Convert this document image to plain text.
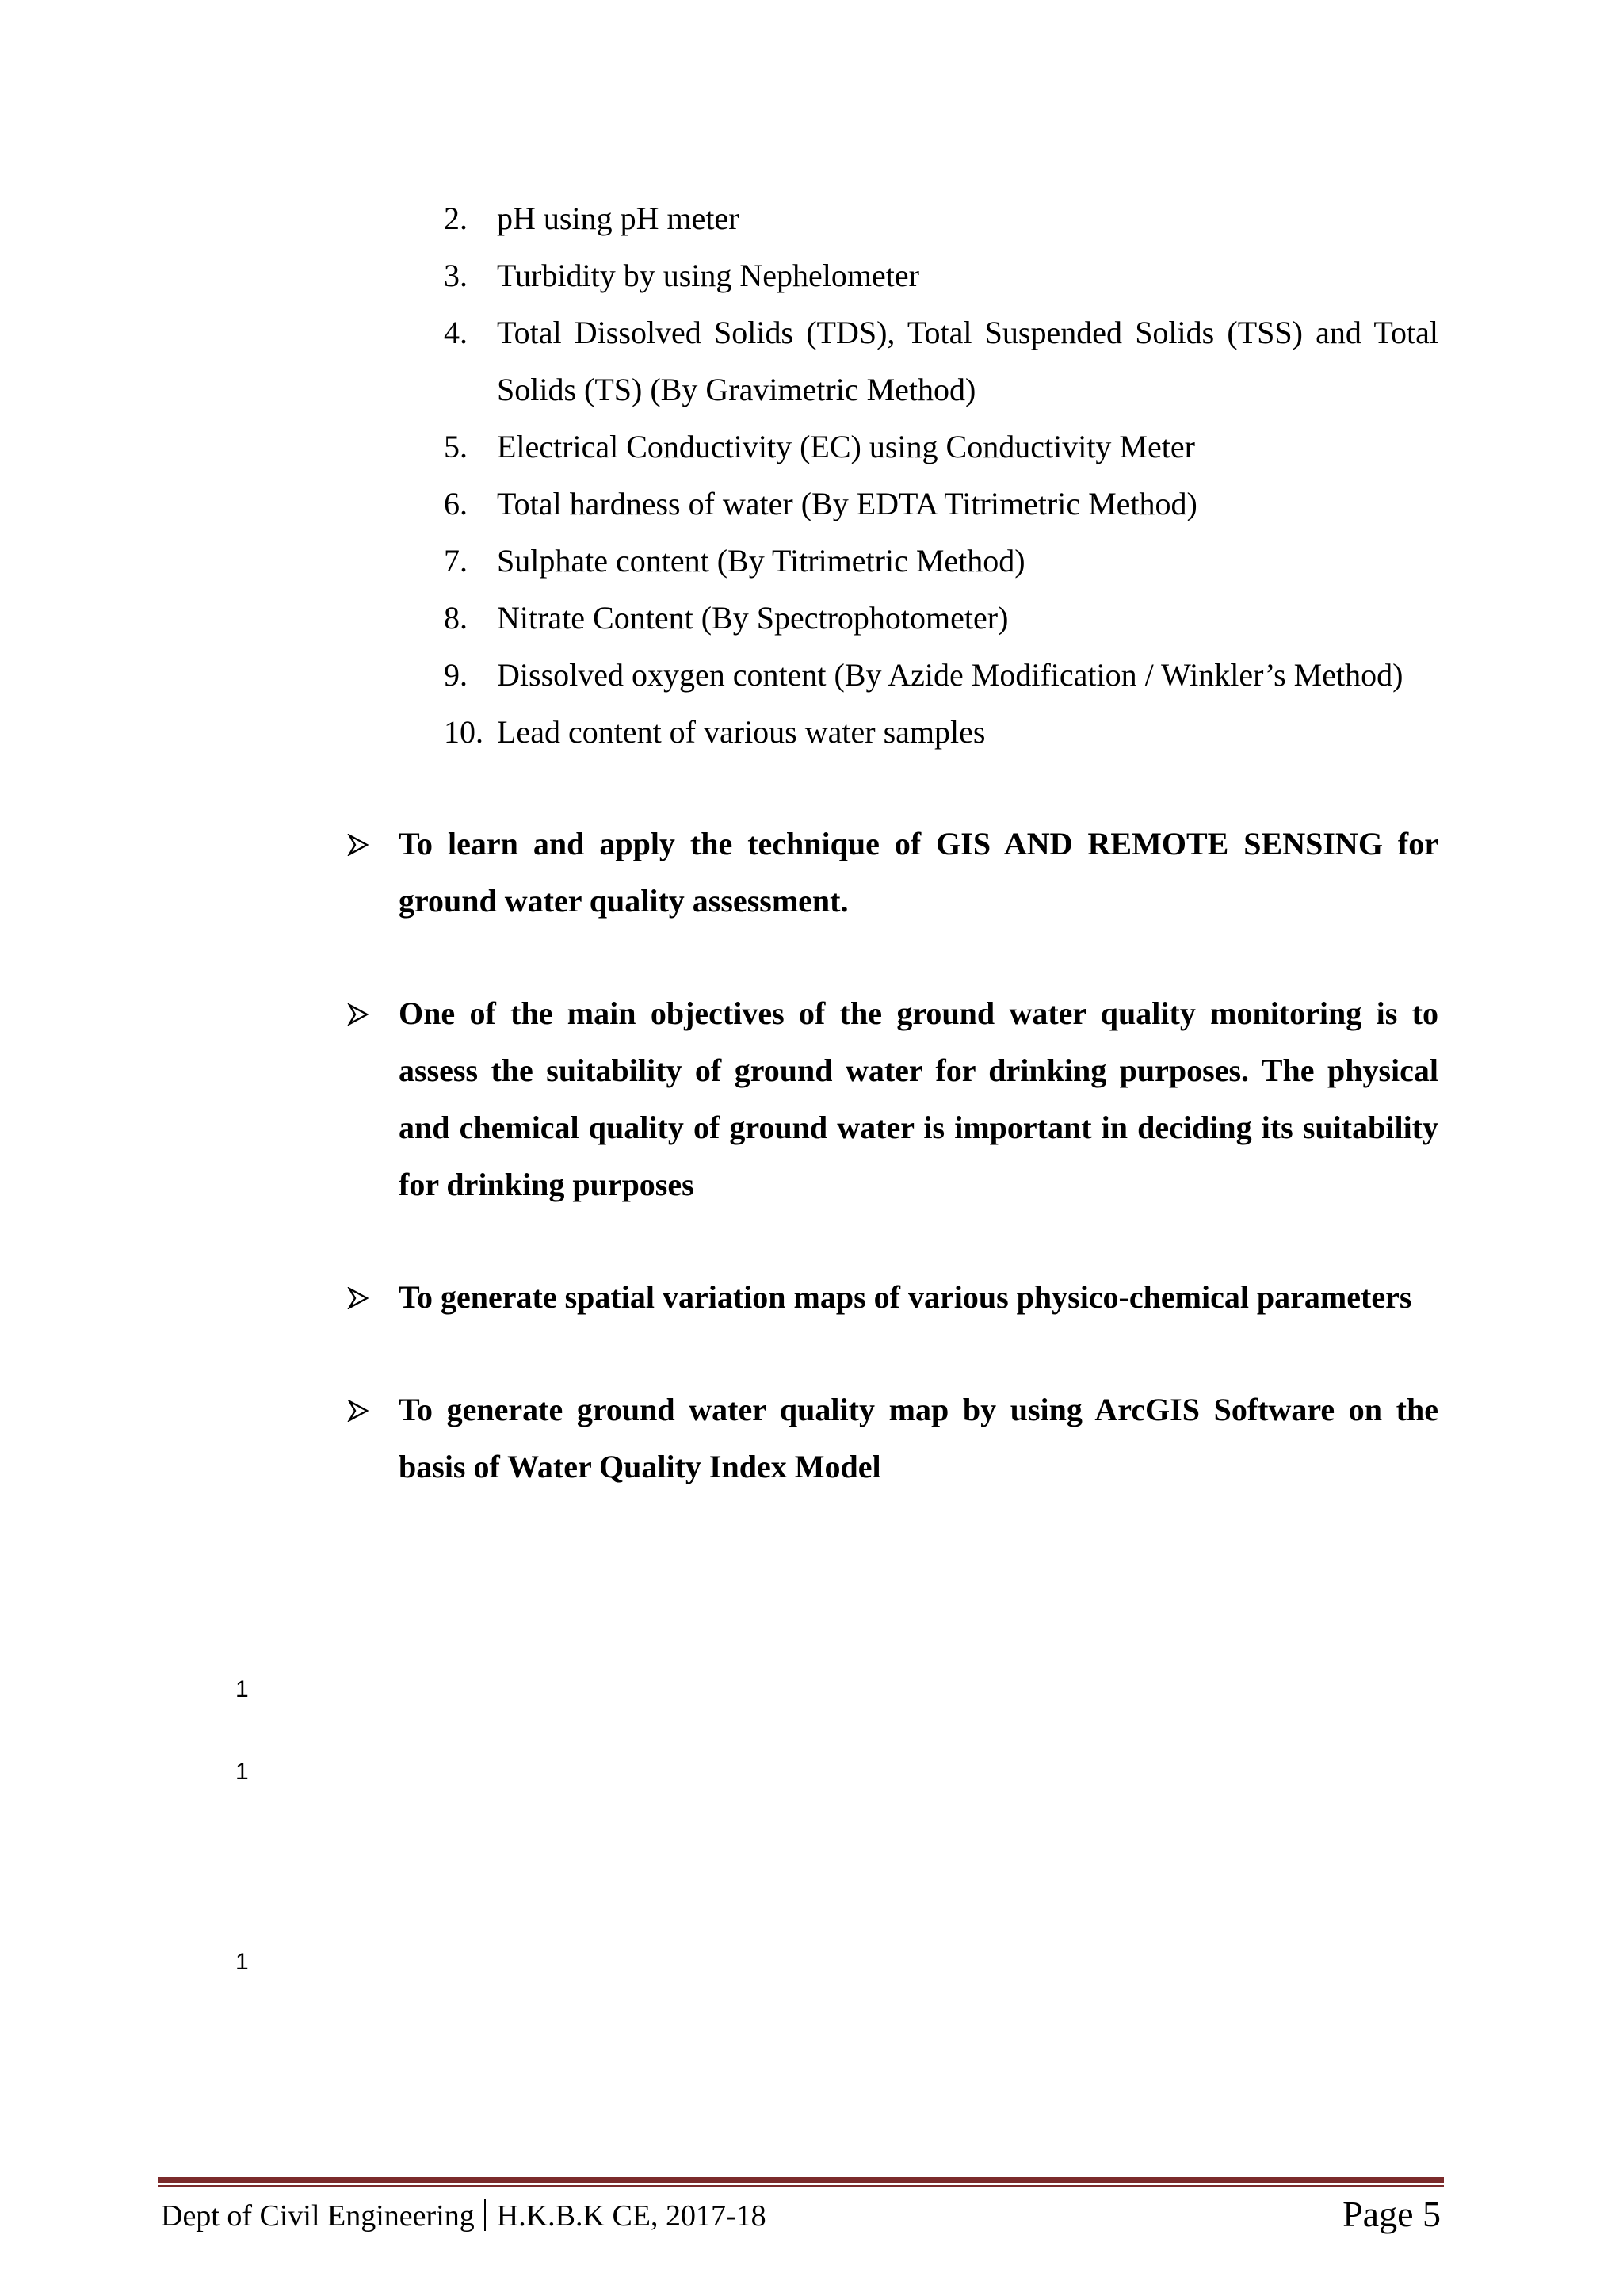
2. pH using pH meter
3. Turbidity by using Nephelometer
4. Total Dissolved Solids (TDS), Total Suspended Solids (TSS) and Total Solids (TS) (By Gravimetric Method)
5. Electrical Conductivity (EC) using Conductivity Meter
6. Total hardness of water (By EDTA Titrimetric Method)
7. Sulphate content (By Titrimetric Method)
8. Nitrate Content (By Spectrophotometer)
9. Dissolved oxygen content (By Azide Modification / Winkler’s Method)
10. Lead content of various water samples
To learn and apply the technique of GIS AND REMOTE SENSING for ground water quality assessment.
One of the main objectives of the ground water quality monitoring is to assess the suitability of ground water for drinking purposes. The physical and chemical quality of ground water is important in deciding its suitability for drinking purposes
To generate spatial variation maps of various physico-chemical parameters
To generate ground water quality map by using ArcGIS Software on the basis of Water Quality Index Model
1
1
1
Dept of Civil Engineering H.K.B.K CE, 2017-18	Page 5
